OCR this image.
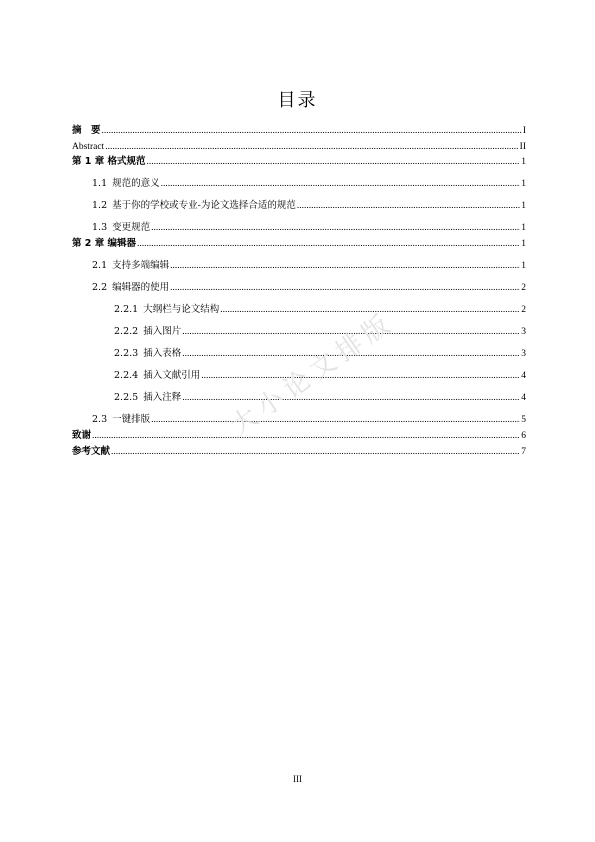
目录
摘　要 .....	I
Abstract .....	II
第 1 章 格式规范 .....	1
1.1 规范的意义 .....	1
1.2 基于你的学校或专业-为论文选择合适的规范 .....	1
1.3 变更规范 .....	1
第 2 章 编辑器 .....	1
2.1 支持多端编辑 .....	1
2.2 编辑器的使用 .....	2
2.2.1 大纲栏与论文结构 .....	2
2.2.2 插入图片 .....	3
2.2.3 插入表格 .....	3
2.2.4 插入文献引用 .....	4
2.2.5 插入注释 .....	4
2.3 一键排版 .....	5
致谢 .....	6
参考文献 .....	7
大小论文排版
III
